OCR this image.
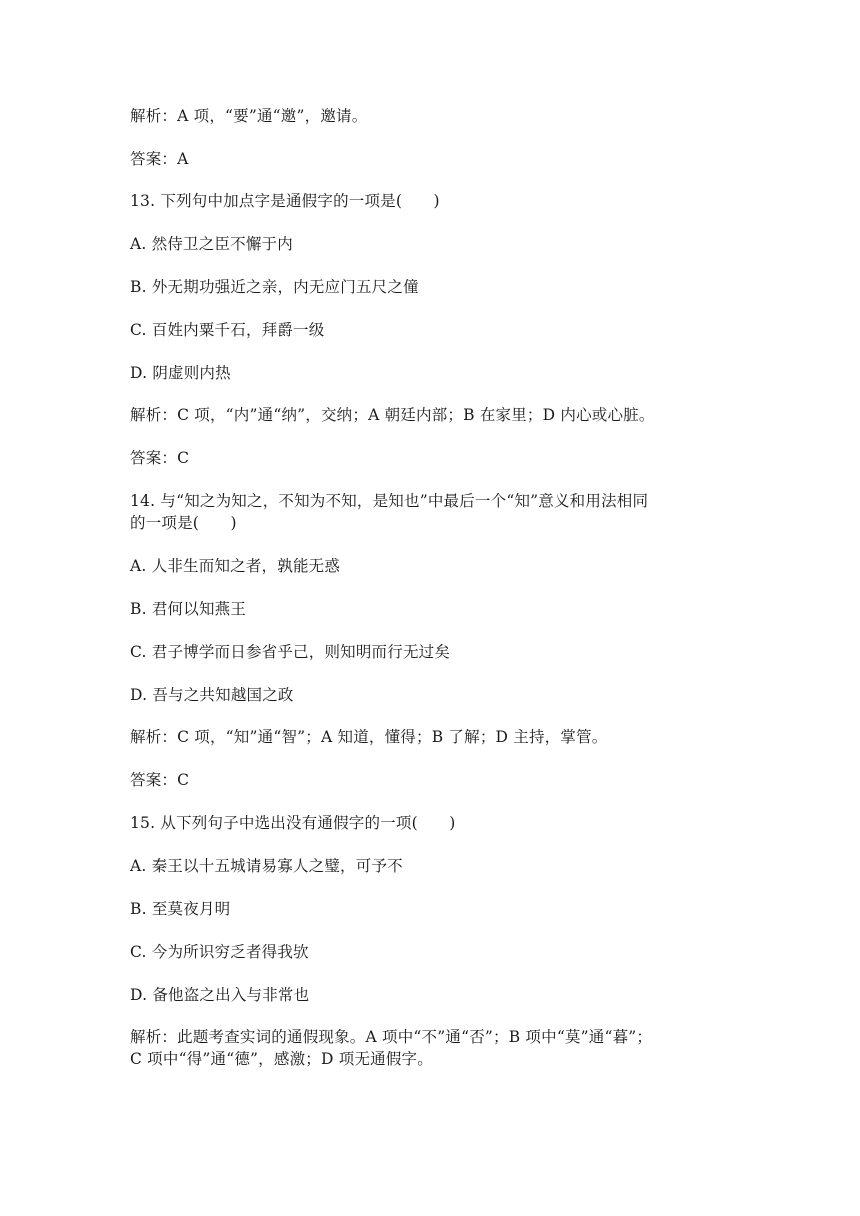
解析：A 项，“要”通“邀”，邀请。
答案：A
13. 下列句中加点字是通假字的一项是(　　)
A. 然侍卫之臣不懈于内
B. 外无期功强近之亲，内无应门五尺之僮
C. 百姓内粟千石，拜爵一级
D. 阴虚则内热
解析：C 项，“内”通“纳”，交纳；A 朝廷内部；B 在家里；D 内心或心脏。
答案：C
14. 与“知之为知之，不知为不知，是知也”中最后一个“知”意义和用法相同
的一项是(　　)
A. 人非生而知之者，孰能无惑
B. 君何以知燕王
C. 君子博学而日参省乎己，则知明而行无过矣
D. 吾与之共知越国之政
解析：C 项，“知”通“智”；A 知道，懂得；B 了解；D 主持，掌管。
答案：C
15. 从下列句子中选出没有通假字的一项(　　)
A. 秦王以十五城请易寡人之璧，可予不
B. 至莫夜月明
C. 今为所识穷乏者得我欤
D. 备他盗之出入与非常也
解析：此题考查实词的通假现象。A 项中“不”通“否”；B 项中“莫”通“暮”；
C 项中“得”通“德”，感激；D 项无通假字。
